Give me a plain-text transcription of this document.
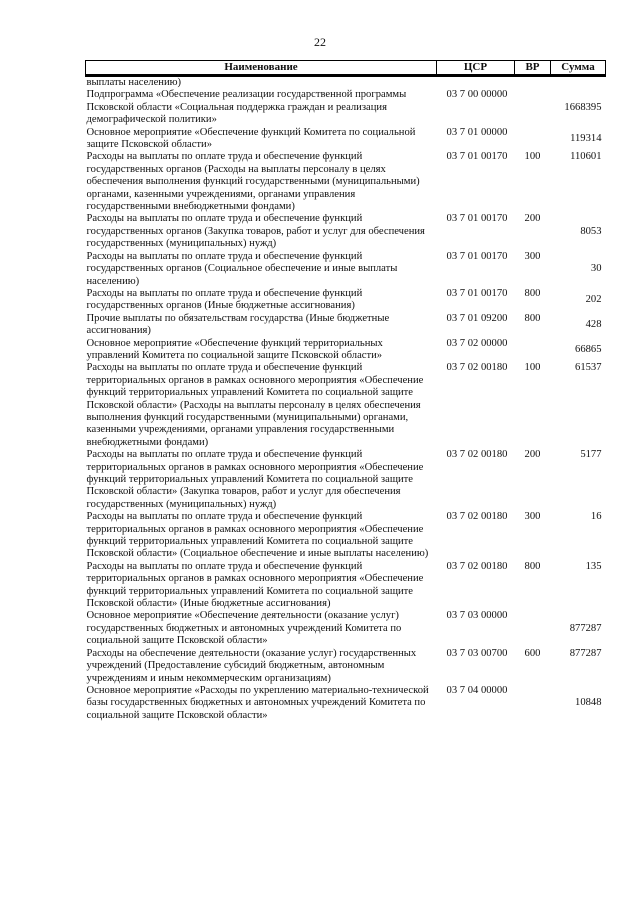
22
Наименование	ЦСР	ВР	Сумма
выплаты населению)			
Подпрограмма «Обеспечение реализации государственной программы Псковской области «Социальная поддержка граждан и реализация демографической политики»	03 7 00 00000		1668395
Основное мероприятие «Обеспечение функций Комитета по социальной защите Псковской области»	03 7 01 00000		119314
Расходы на выплаты по оплате труда и обеспечение функций государственных органов (Расходы на выплаты персоналу в целях обеспечения выполнения функций государственными (муниципальными) органами, казенными учреждениями, органами управления государственными внебюджетными фондами)	03 7 01 00170	100	110601
Расходы на выплаты по оплате труда и обеспечение функций государственных органов (Закупка товаров, работ и услуг для обеспечения государственных (муниципальных) нужд)	03 7 01 00170	200	8053
Расходы на выплаты по оплате труда и обеспечение функций государственных органов (Социальное обеспечение и иные выплаты населению)	03 7 01 00170	300	30
Расходы на выплаты по оплате труда и обеспечение функций государственных органов (Иные бюджетные ассигнования)	03 7 01 00170	800	202
Прочие выплаты по обязательствам государства (Иные бюджетные ассигнования)	03 7 01 09200	800	428
Основное мероприятие «Обеспечение функций территориальных управлений Комитета по социальной защите Псковской области»	03 7 02 00000		66865
Расходы на выплаты по оплате труда и обеспечение функций территориальных органов в рамках основного мероприятия «Обеспечение функций территориальных управлений Комитета по социальной защите Псковской области» (Расходы на выплаты персоналу в целях обеспечения выполнения функций государственными (муниципальными) органами, казенными учреждениями, органами управления государственными внебюджетными фондами)	03 7 02 00180	100	61537
Расходы на выплаты по оплате труда и обеспечение функций территориальных органов в рамках основного мероприятия «Обеспечение функций территориальных управлений Комитета по социальной защите Псковской области» (Закупка товаров, работ и услуг для обеспечения государственных (муниципальных) нужд)	03 7 02 00180	200	5177
Расходы на выплаты по оплате труда и обеспечение функций территориальных органов в рамках основного мероприятия «Обеспечение функций территориальных управлений Комитета по социальной защите Псковской области» (Социальное обеспечение и иные выплаты населению)	03 7 02 00180	300	16
Расходы на выплаты по оплате труда и обеспечение функций территориальных органов в рамках основного мероприятия «Обеспечение функций территориальных управлений Комитета по социальной защите Псковской области» (Иные бюджетные ассигнования)	03 7 02 00180	800	135
Основное мероприятие «Обеспечение деятельности (оказание услуг) государственных бюджетных и автономных учреждений Комитета по социальной защите Псковской области»	03 7 03 00000		877287
Расходы на обеспечение деятельности (оказание услуг) государственных учреждений (Предоставление субсидий бюджетным, автономным учреждениям и иным некоммерческим организациям)	03 7 03 00700	600	877287
Основное мероприятие «Расходы по укреплению материально-технической базы государственных бюджетных и автономных учреждений Комитета по социальной защите Псковской области»	03 7 04 00000		10848
